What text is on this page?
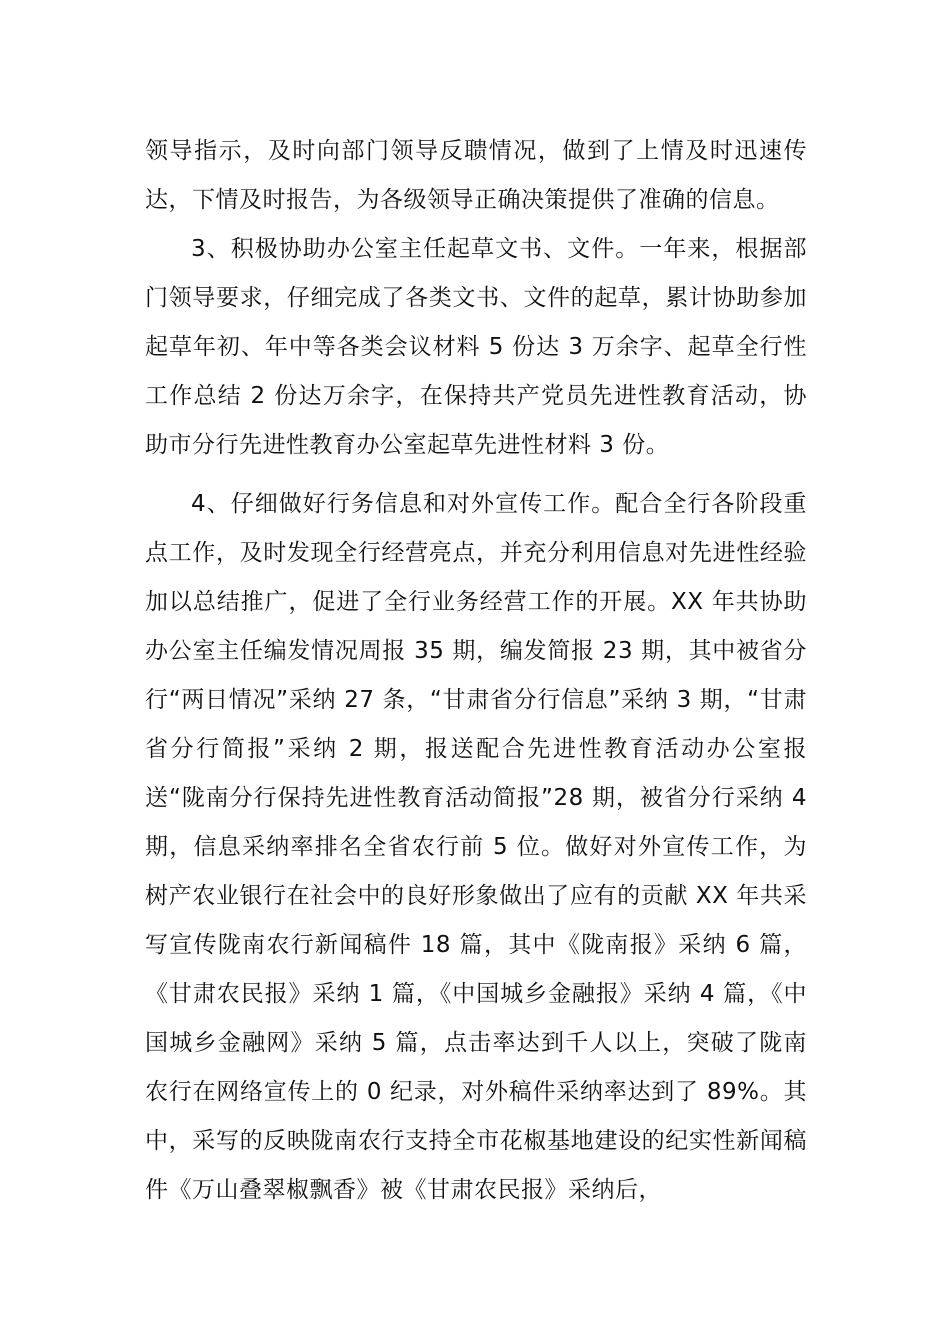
领导指示，及时向部门领导反聩情况，做到了上情及时迅速传达，下情及时报告，为各级领导正确决策提供了准确的信息。

3、积极协助办公室主任起草文书、文件。一年来，根据部门领导要求，仔细完成了各类文书、文件的起草，累计协助参加起草年初、年中等各类会议材料 5 份达 3 万余字、起草全行性工作总结 2 份达万余字，在保持共产党员先进性教育活动，协助市分行先进性教育办公室起草先进性材料 3 份。

4、仔细做好行务信息和对外宣传工作。配合全行各阶段重点工作，及时发现全行经营亮点，并充分利用信息对先进性经验加以总结推广，促进了全行业务经营工作的开展。XX 年共协助办公室主任编发情况周报 35 期，编发简报 23 期，其中被省分行“两日情况”采纳 27 条，“甘肃省分行信息”采纳 3 期，“甘肃省分行简报”采纳 2 期，报送配合先进性教育活动办公室报送“陇南分行保持先进性教育活动简报”28 期，被省分行采纳 4 期，信息采纳率排名全省农行前 5 位。做好对外宣传工作，为树产农业银行在社会中的良好形象做出了应有的贡献 XX 年共采写宣传陇南农行新闻稿件 18 篇，其中《陇南报》采纳 6 篇，《甘肃农民报》采纳 1 篇，《中国城乡金融报》采纳 4 篇，《中国城乡金融网》采纳 5 篇，点击率达到千人以上，突破了陇南农行在网络宣传上的 0 纪录，对外稿件采纳率达到了 89%。其中，采写的反映陇南农行支持全市花椒基地建设的纪实性新闻稿件《万山叠翠椒飘香》被《甘肃农民报》采纳后，
